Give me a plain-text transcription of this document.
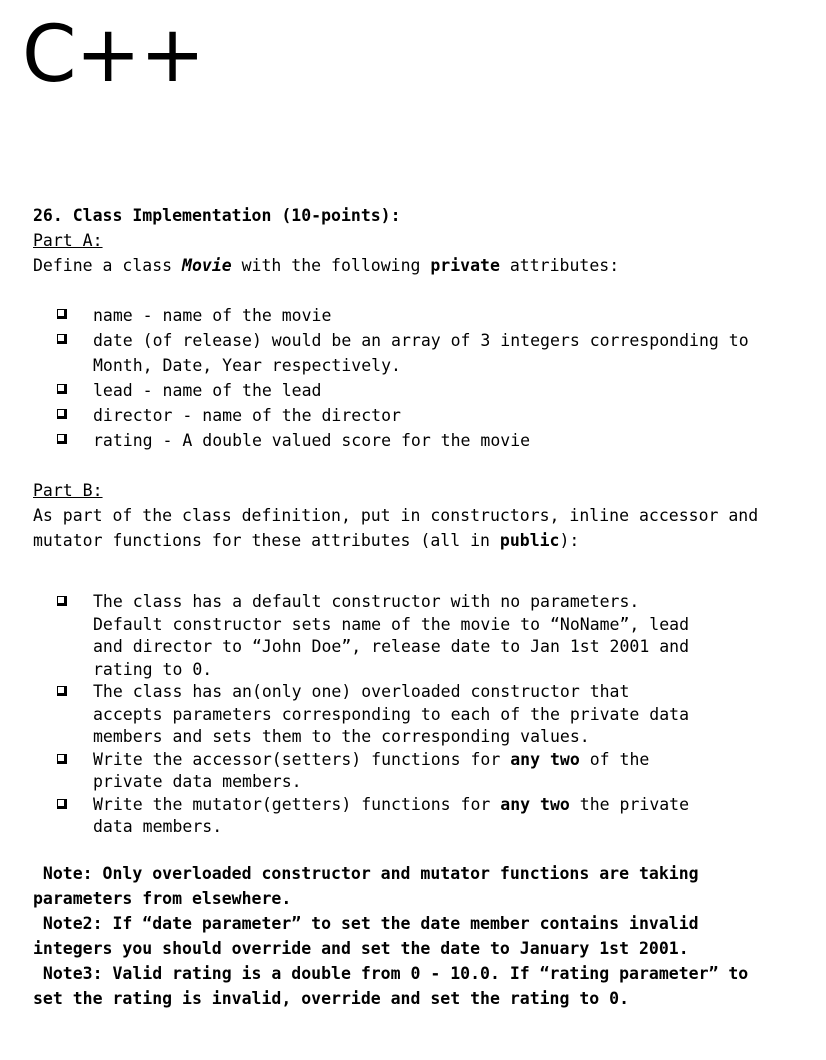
C++
26. Class Implementation (10-points):
Part A:
Define a class Movie with the following private attributes:
name - name of the movie
date (of release) would be an array of 3 integers corresponding to
Month, Date, Year respectively.
lead - name of the lead
director - name of the director
rating - A double valued score for the movie
Part B:
As part of the class definition, put in constructors, inline accessor and
mutator functions for these attributes (all in public):
The class has a default constructor with no parameters.
Default constructor sets name of the movie to “NoName”, lead
and director to “John Doe”, release date to Jan 1st 2001 and
rating to 0.
The class has an(only one) overloaded constructor that
accepts parameters corresponding to each of the private data
members and sets them to the corresponding values.
Write the accessor(setters) functions for any two of the
private data members.
Write the mutator(getters) functions for any two the private
data members.
Note: Only overloaded constructor and mutator functions are taking
parameters from elsewhere.
Note2: If “date parameter” to set the date member contains invalid
integers you should override and set the date to January 1st 2001.
Note3: Valid rating is a double from 0 - 10.0. If “rating parameter” to
set the rating is invalid, override and set the rating to 0.
